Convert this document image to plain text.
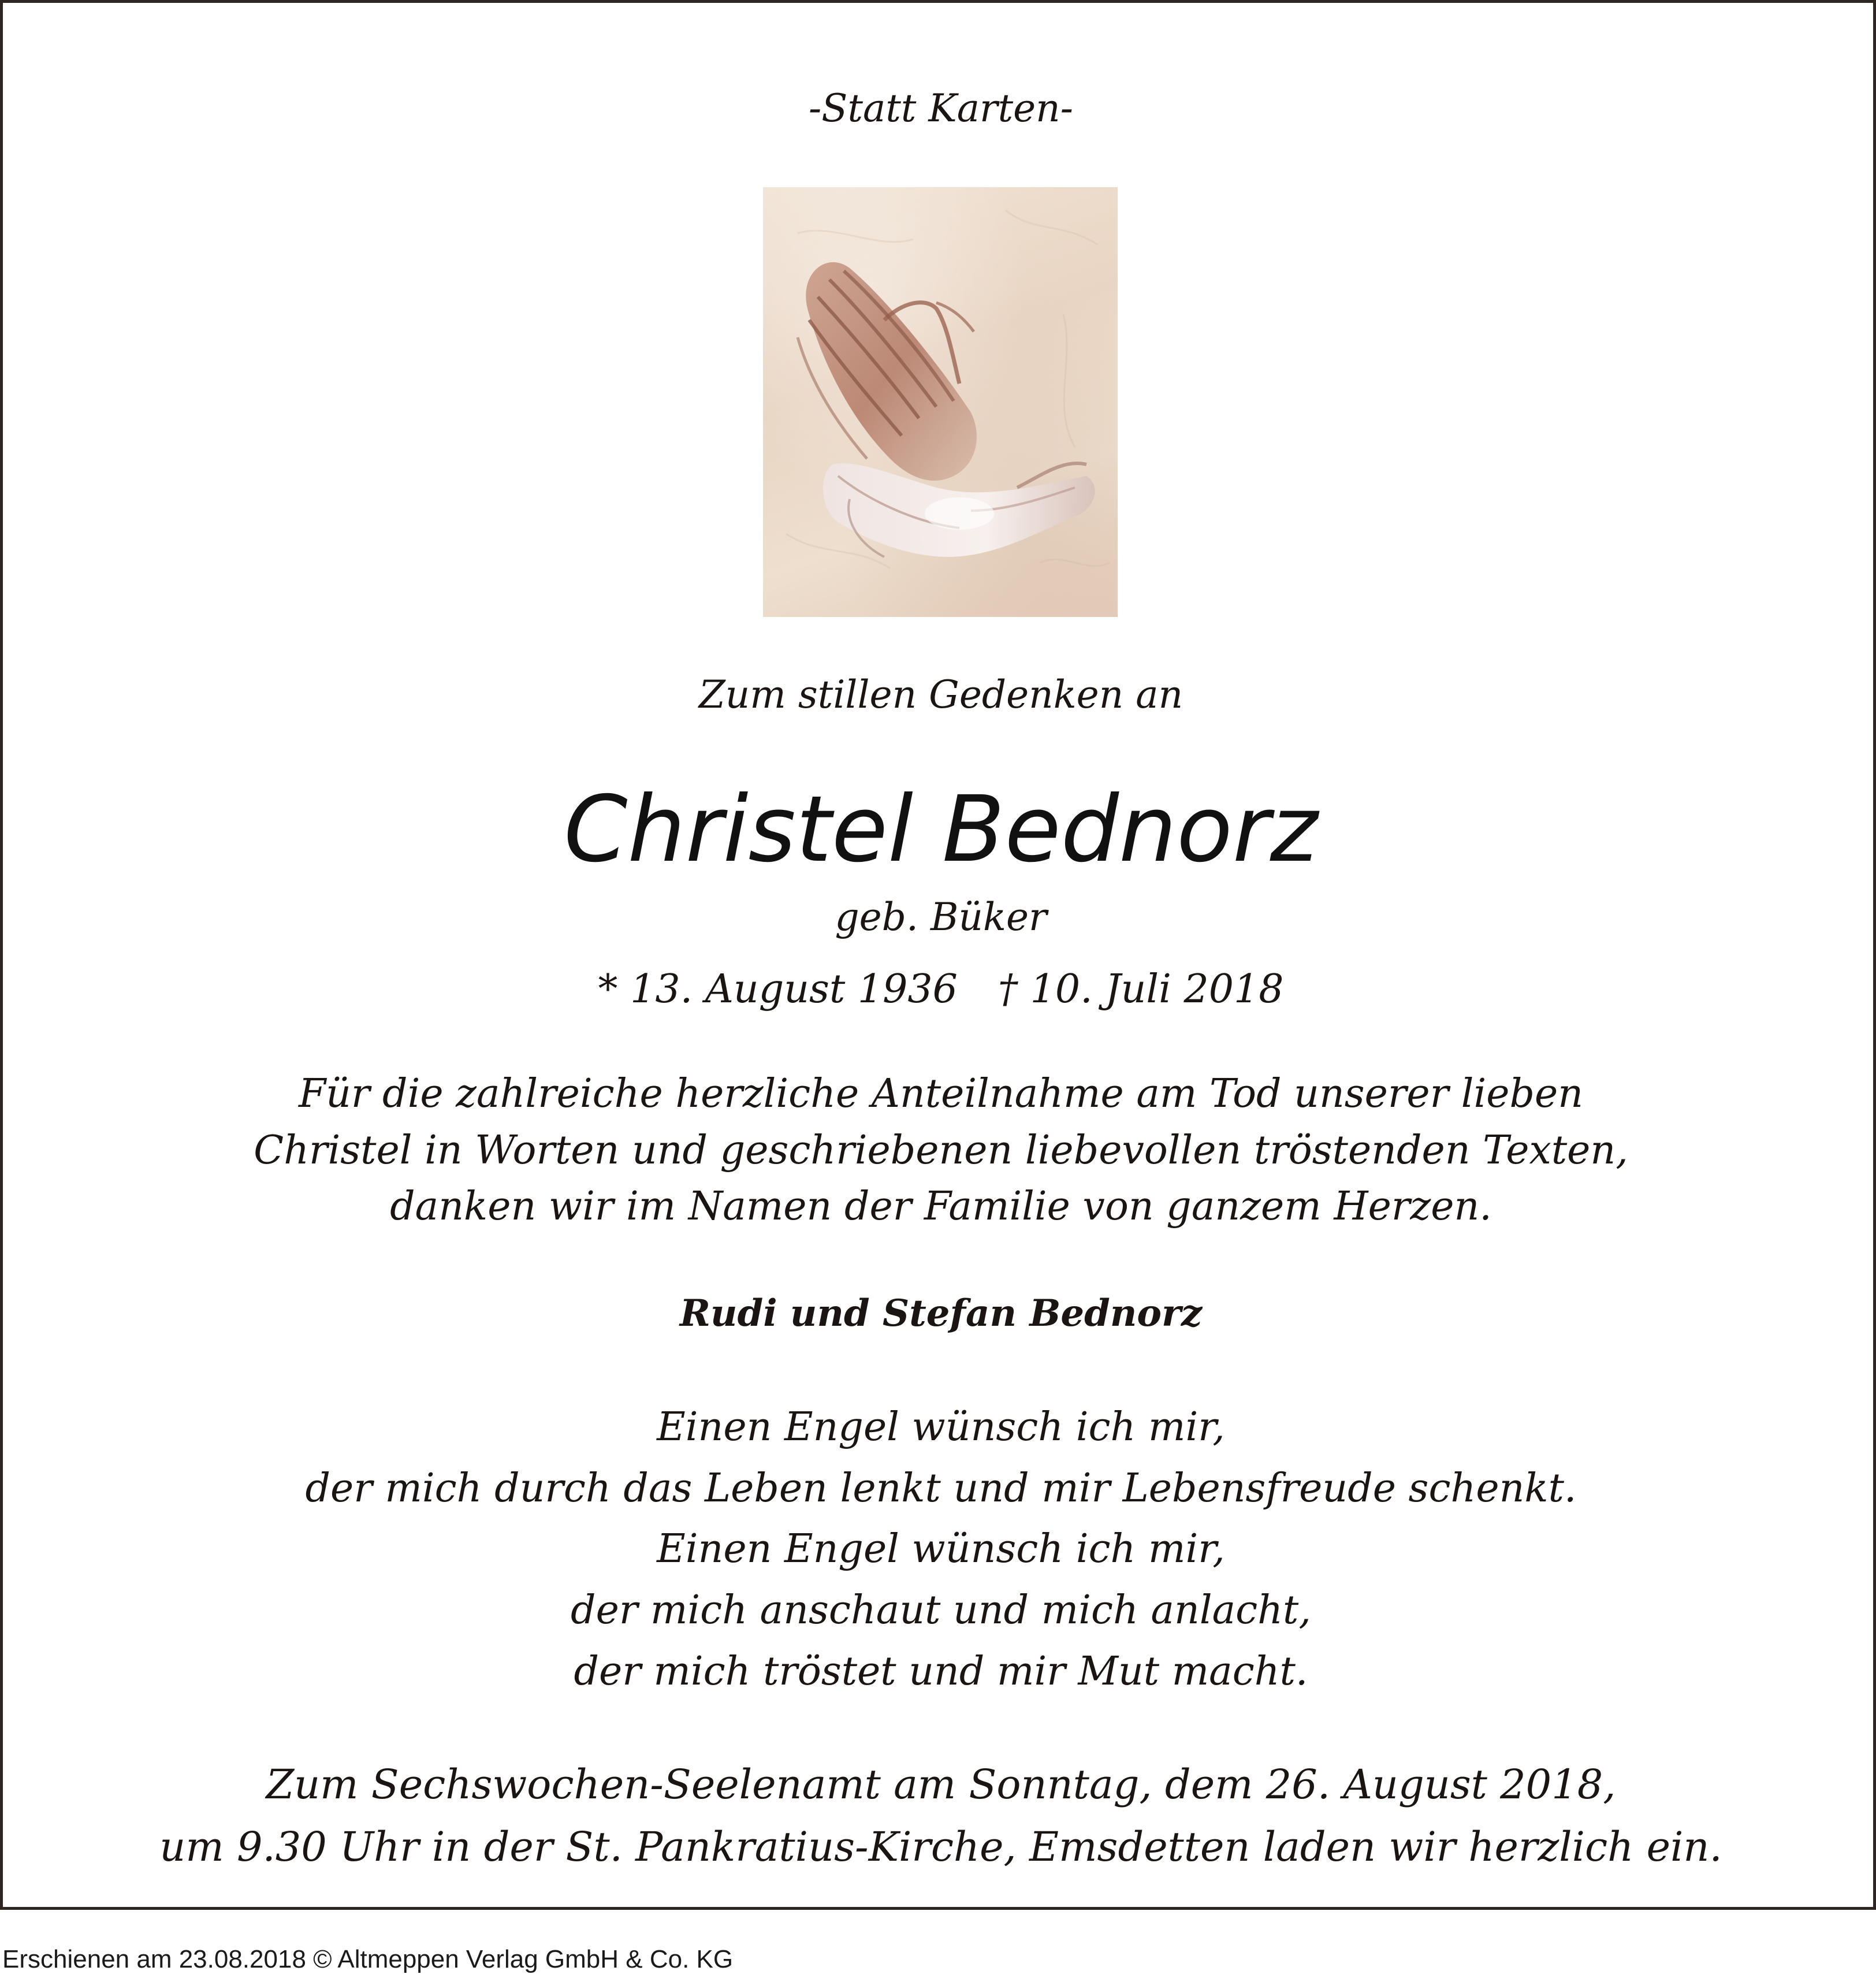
-Statt Karten-
Zum stillen Gedenken an
Christel Bednorz
geb. Büker
* 13. August 1936 † 10. Juli 2018
Für die zahlreiche herzliche Anteilnahme am Tod unserer lieben
Christel in Worten und geschriebenen liebevollen tröstenden Texten,
danken wir im Namen der Familie von ganzem Herzen.
Rudi und Stefan Bednorz
Einen Engel wünsch ich mir,
der mich durch das Leben lenkt und mir Lebensfreude schenkt.
Einen Engel wünsch ich mir,
der mich anschaut und mich anlacht,
der mich tröstet und mir Mut macht.
Zum Sechswochen-Seelenamt am Sonntag, dem 26. August 2018,
um 9.30 Uhr in der St. Pankratius-Kirche, Emsdetten laden wir herzlich ein.
Erschienen am 23.08.2018 © Altmeppen Verlag GmbH & Co. KG
